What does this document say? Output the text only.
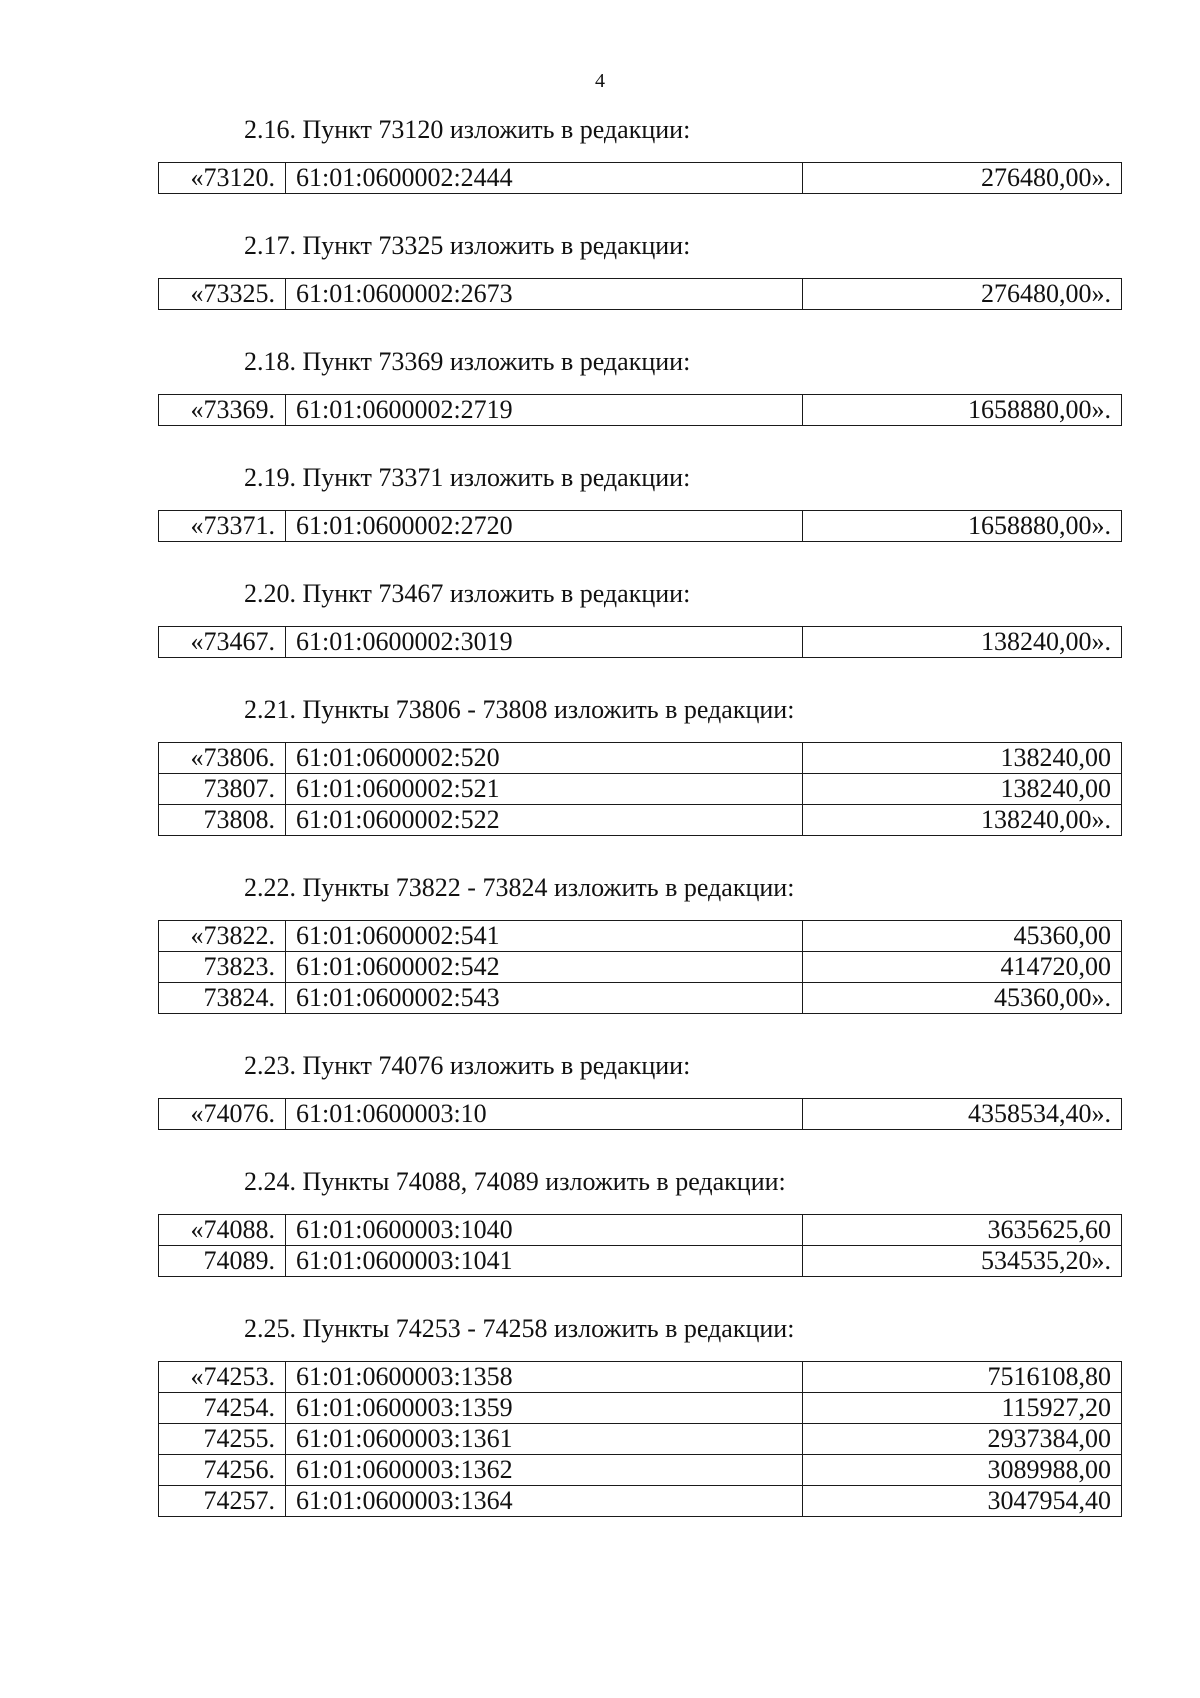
4

2.16. Пункт 73120 изложить в редакции:

«73120.	61:01:0600002:2444	276480,00».

2.17. Пункт 73325 изложить в редакции:

«73325.	61:01:0600002:2673	276480,00».

2.18. Пункт 73369 изложить в редакции:

«73369.	61:01:0600002:2719	1658880,00».

2.19. Пункт 73371 изложить в редакции:

«73371.	61:01:0600002:2720	1658880,00».

2.20. Пункт 73467 изложить в редакции:

«73467.	61:01:0600002:3019	138240,00».

2.21. Пункты 73806 - 73808 изложить в редакции:

«73806.	61:01:0600002:520	138240,00
73807.	61:01:0600002:521	138240,00
73808.	61:01:0600002:522	138240,00».

2.22. Пункты 73822 - 73824 изложить в редакции:

«73822.	61:01:0600002:541	45360,00
73823.	61:01:0600002:542	414720,00
73824.	61:01:0600002:543	45360,00».

2.23. Пункт 74076 изложить в редакции:

«74076.	61:01:0600003:10	4358534,40».

2.24. Пункты 74088, 74089 изложить в редакции:

«74088.	61:01:0600003:1040	3635625,60
74089.	61:01:0600003:1041	534535,20».

2.25. Пункты 74253 - 74258 изложить в редакции:

«74253.	61:01:0600003:1358	7516108,80
74254.	61:01:0600003:1359	115927,20
74255.	61:01:0600003:1361	2937384,00
74256.	61:01:0600003:1362	3089988,00
74257.	61:01:0600003:1364	3047954,40
